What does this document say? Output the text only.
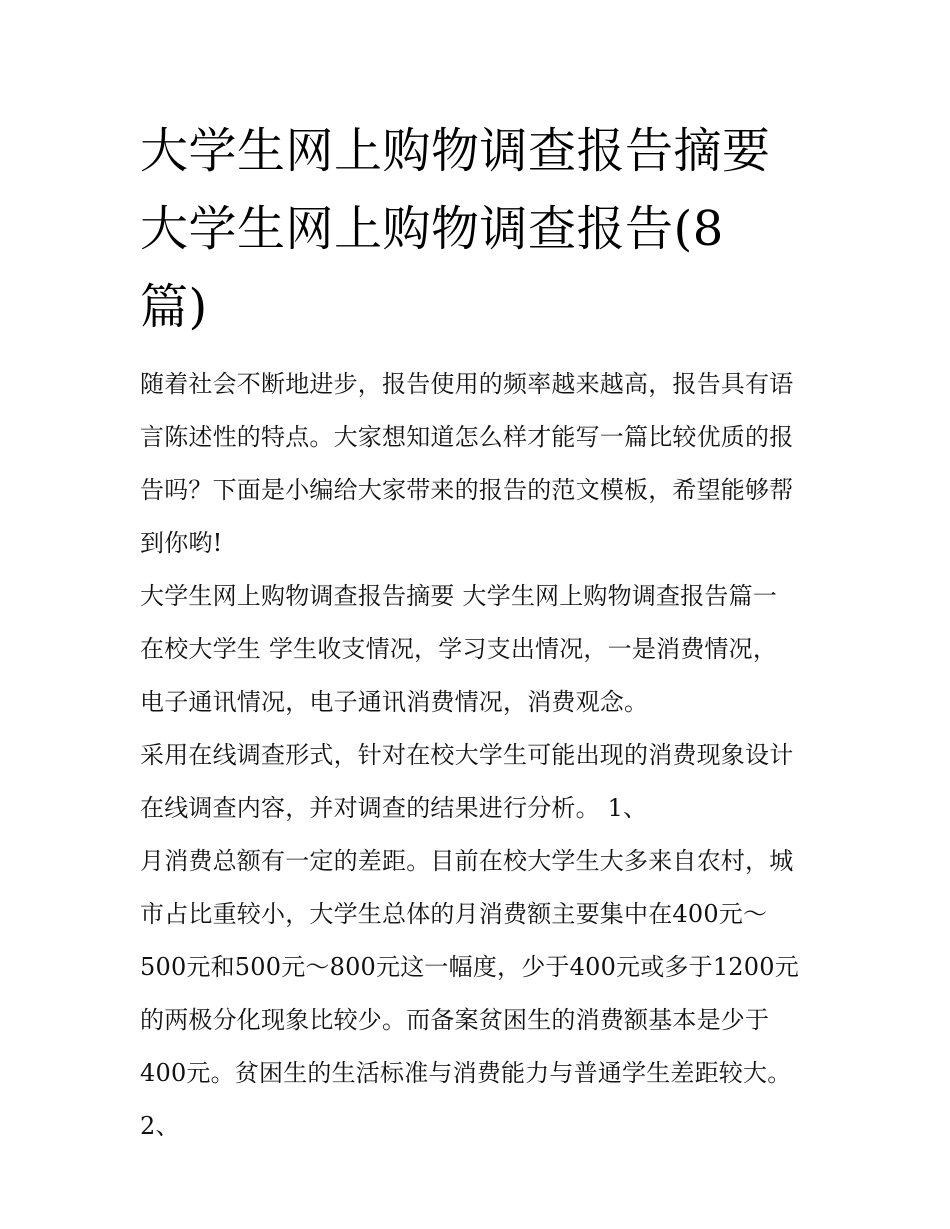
大学生网上购物调查报告摘要
大学生网上购物调查报告(8
篇)
随着社会不断地进步，报告使用的频率越来越高，报告具有语
言陈述性的特点。大家想知道怎么样才能写一篇比较优质的报
告吗？下面是小编给大家带来的报告的范文模板，希望能够帮
到你哟!
大学生网上购物调查报告摘要 大学生网上购物调查报告篇一
在校大学生 学生收支情况，学习支出情况，一是消费情况，
电子通讯情况，电子通讯消费情况，消费观念。
采用在线调查形式，针对在校大学生可能出现的消费现象设计
在线调查内容，并对调查的结果进行分析。 1、
月消费总额有一定的差距。目前在校大学生大多来自农村，城
市占比重较小，大学生总体的月消费额主要集中在400元～
500元和500元～800元这一幅度，少于400元或多于1200元
的两极分化现象比较少。而备案贫困生的消费额基本是少于
400元。贫困生的生活标准与消费能力与普通学生差距较大。
2、
